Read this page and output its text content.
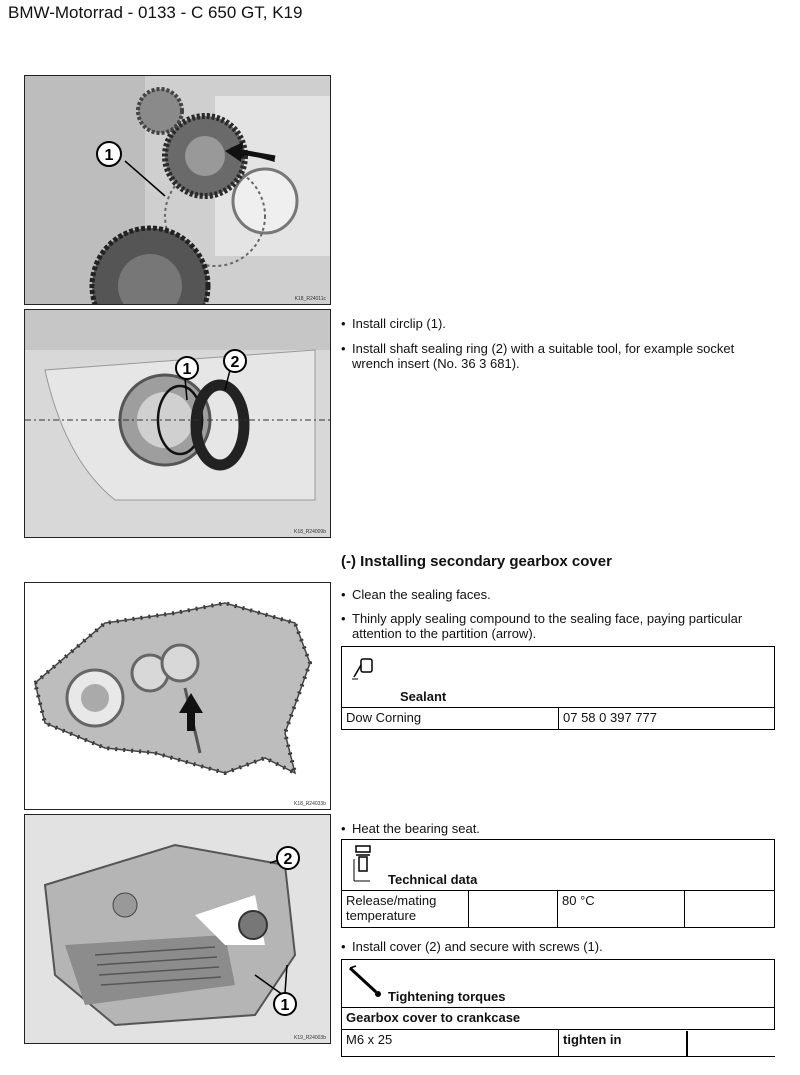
BMW-Motorrad - 0133 - C 650 GT, K19
1
K18_R24011c
1 2
K18_R24009b
K18_R24033b
2
1
K19_R24003b
• Install circlip (1).
• Install shaft sealing ring (2) with a suitable tool, for example socket wrench insert (No. 36 3 681).
(-) Installing secondary gearbox cover
• Clean the sealing faces.
• Thinly apply sealing compound to the sealing face, paying particular attention to the partition (arrow).
Sealant

Dow Corning	07 58 0 397 777
• Heat the bearing seat.
Technical data

Release/mating temperature		80 °C	
• Install cover (2) and secure with screws (1).
Tightening torques

Gearbox cover to crankcase
M6 x 25	tighten in
